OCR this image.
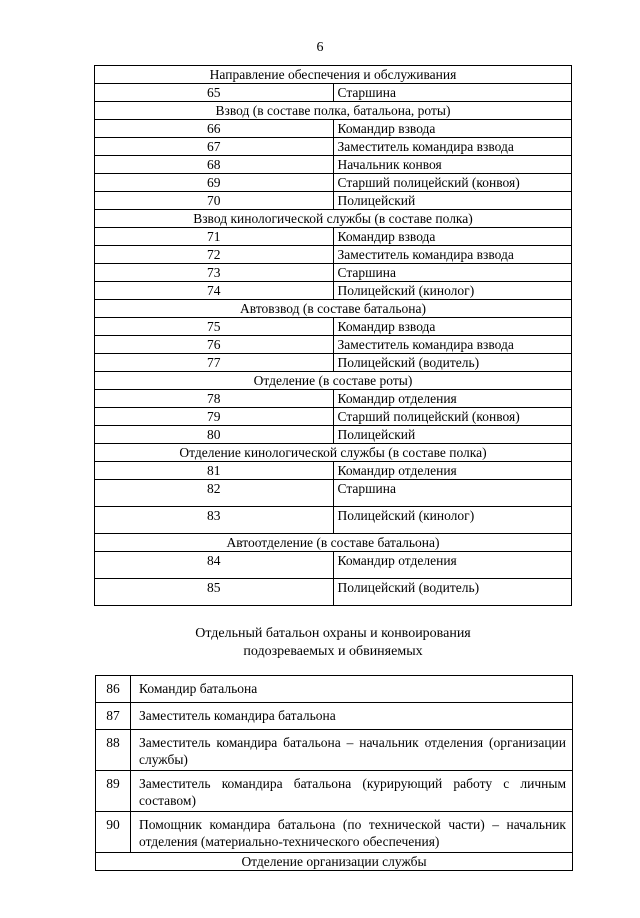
6
Направление обеспечения и обслуживания	
65	Старшина
Взвод (в составе полка, батальона, роты)	
66	Командир взвода
67	Заместитель командира взвода
68	Начальник конвоя
69	Старший полицейский (конвоя)
70	Полицейский
Взвод кинологической службы (в составе полка)	
71	Командир взвода
72	Заместитель командира взвода
73	Старшина
74	Полицейский (кинолог)
Автовзвод (в составе батальона)	
75	Командир взвода
76	Заместитель командира взвода
77	Полицейский (водитель)
Отделение (в составе роты)	
78	Командир отделения
79	Старший полицейский (конвоя)
80	Полицейский
Отделение кинологической службы (в составе полка)	
81	Командир отделения
82	Старшина
83	Полицейский (кинолог)
Автоотделение (в составе батальона)	
84	Командир отделения
85	Полицейский (водитель)
Отдельный батальон охраны и конвоирования
подозреваемых и обвиняемых
86	Командир батальона
87	Заместитель командира батальона
88	Заместитель командира батальона – начальник отделения (организации службы)
89	Заместитель командира батальона (курирующий работу с личным составом)
90	Помощник командира батальона (по технической части) – начальник отделения (материально-технического обеспечения)
Отделение организации службы	
